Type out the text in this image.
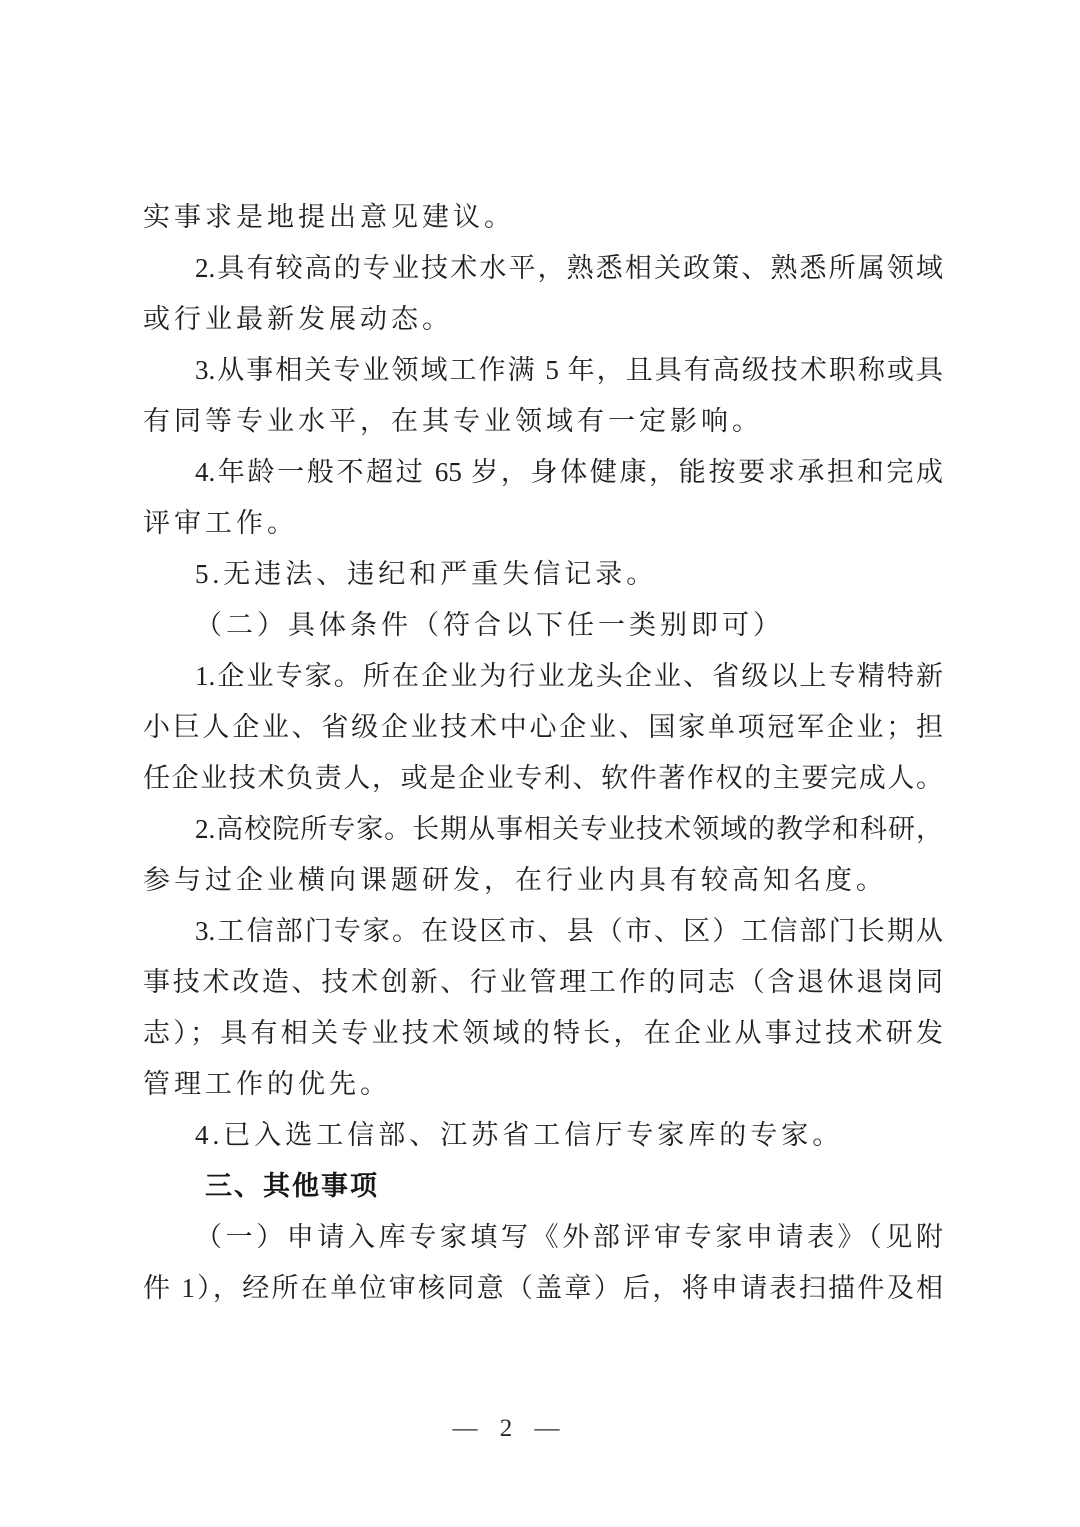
实事求是地提出意见建议。
2.具有较高的专业技术水平，熟悉相关政策、熟悉所属领域
或行业最新发展动态。
3.从事相关专业领域工作满 5 年，且具有高级技术职称或具
有同等专业水平，在其专业领域有一定影响。
4.年龄一般不超过 65 岁，身体健康，能按要求承担和完成
评审工作。
5.无违法、违纪和严重失信记录。
（二）具体条件（符合以下任一类别即可）
1.企业专家。所在企业为行业龙头企业、省级以上专精特新
小巨人企业、省级企业技术中心企业、国家单项冠军企业；担
任企业技术负责人，或是企业专利、软件著作权的主要完成人。
2.高校院所专家。长期从事相关专业技术领域的教学和科研，
参与过企业横向课题研发，在行业内具有较高知名度。
3.工信部门专家。在设区市、县（市、区）工信部门长期从
事技术改造、技术创新、行业管理工作的同志（含退休退岗同
志）；具有相关专业技术领域的特长，在企业从事过技术研发
管理工作的优先。
4.已入选工信部、江苏省工信厅专家库的专家。
三、其他事项
（一）申请入库专家填写《外部评审专家申请表》（见附
件 1），经所在单位审核同意（盖章）后，将申请表扫描件及相
— 2 —
